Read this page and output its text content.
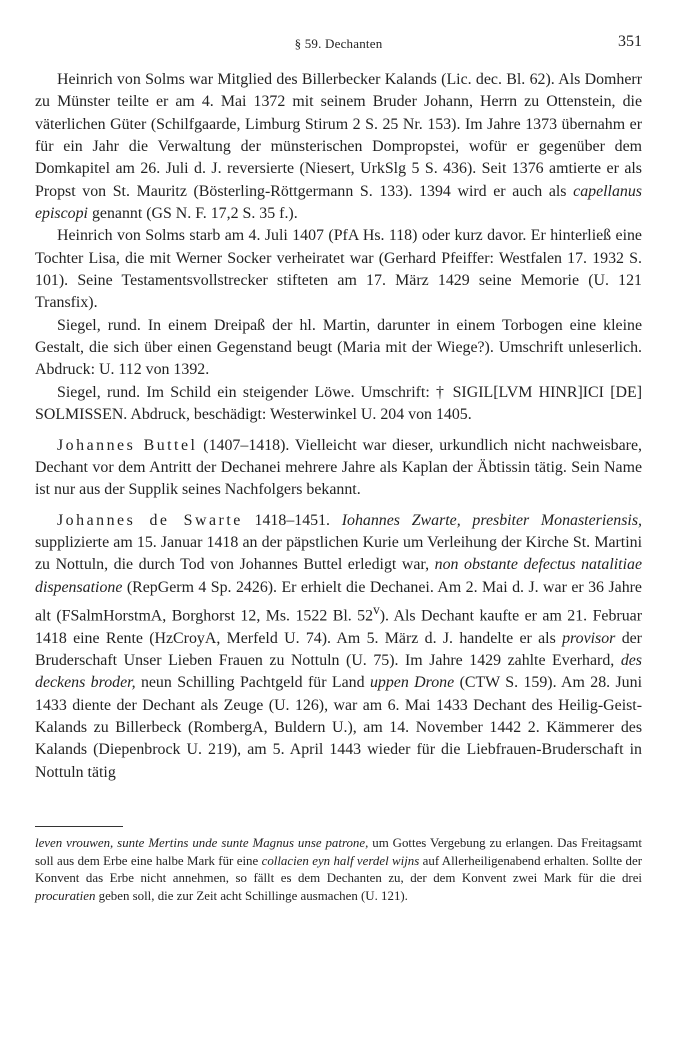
§ 59. Dechanten	351

Heinrich von Solms war Mitglied des Billerbecker Kalands (Lic. dec. Bl. 62). Als Domherr zu Münster teilte er am 4. Mai 1372 mit seinem Bruder Johann, Herrn zu Ottenstein, die väterlichen Güter (Schilfgaarde, Limburg Stirum 2 S. 25 Nr. 153). Im Jahre 1373 übernahm er für ein Jahr die Verwaltung der münsterischen Dompropstei, wofür er gegenüber dem Domkapitel am 26. Juli d. J. reversierte (Niesert, UrkSlg 5 S. 436). Seit 1376 amtierte er als Propst von St. Mauritz (Bösterling-Röttgermann S. 133). 1394 wird er auch als capellanus episcopi genannt (GS N. F. 17,2 S. 35 f.).

Heinrich von Solms starb am 4. Juli 1407 (PfA Hs. 118) oder kurz davor. Er hinterließ eine Tochter Lisa, die mit Werner Socker verheiratet war (Gerhard Pfeiffer: Westfalen 17. 1932 S. 101). Seine Testamentsvollstrecker stifteten am 17. März 1429 seine Memorie (U. 121 Transfix).

Siegel, rund. In einem Dreipaß der hl. Martin, darunter in einem Torbogen eine kleine Gestalt, die sich über einen Gegenstand beugt (Maria mit der Wiege?). Umschrift unleserlich. Abdruck: U. 112 von 1392.

Siegel, rund. Im Schild ein steigender Löwe. Umschrift: † SIGIL[LVM HINR]ICI [DE] SOLMISSEN. Abdruck, beschädigt: Westerwinkel U. 204 von 1405.

Johannes Buttel (1407–1418). Vielleicht war dieser, urkundlich nicht nachweisbare, Dechant vor dem Antritt der Dechanei mehrere Jahre als Kaplan der Äbtissin tätig. Sein Name ist nur aus der Supplik seines Nachfolgers bekannt.

Johannes de Swarte 1418–1451. Iohannes Zwarte, presbiter Monasteriensis, supplizierte am 15. Januar 1418 an der päpstlichen Kurie um Verleihung der Kirche St. Martini zu Nottuln, die durch Tod von Johannes Buttel erledigt war, non obstante defectus natalitiae dispensatione (RepGerm 4 Sp. 2426). Er erhielt die Dechanei. Am 2. Mai d. J. war er 36 Jahre alt (FSalmHorstmA, Borghorst 12, Ms. 1522 Bl. 52$^v$). Als Dechant kaufte er am 21. Februar 1418 eine Rente (HzCroyA, Merfeld U. 74). Am 5. März d. J. handelte er als provisor der Bruderschaft Unser Lieben Frauen zu Nottuln (U. 75). Im Jahre 1429 zahlte Everhard, des deckens broder, neun Schilling Pachtgeld für Land uppen Drone (CTW S. 159). Am 28. Juni 1433 diente der Dechant als Zeuge (U. 126), war am 6. Mai 1433 Dechant des Heilig-Geist-Kalands zu Billerbeck (RombergA, Buldern U.), am 14. November 1442 2. Kämmerer des Kalands (Diepenbrock U. 219), am 5. April 1443 wieder für die Liebfrauen-Bruderschaft in Nottuln tätig

leven vrouwen, sunte Mertins unde sunte Magnus unse patrone, um Gottes Vergebung zu erlangen. Das Freitagsamt soll aus dem Erbe eine halbe Mark für eine collacien eyn half verdel wijns auf Allerheiligenabend erhalten. Sollte der Konvent das Erbe nicht annehmen, so fällt es dem Dechanten zu, der dem Konvent zwei Mark für die drei procuratien geben soll, die zur Zeit acht Schillinge ausmachen (U. 121).
